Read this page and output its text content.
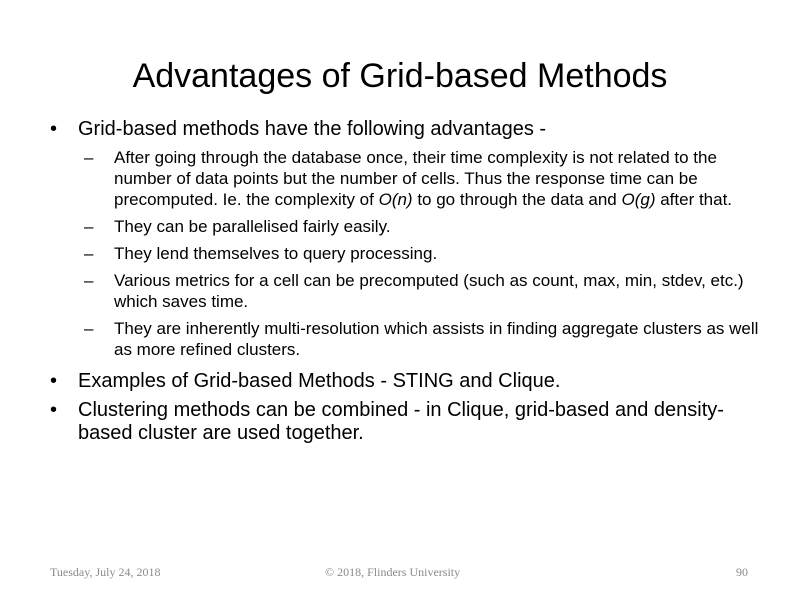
Advantages of Grid-based Methods
• Grid-based methods have the following advantages -
– After going through the database once, their time complexity is not related to the number of data points but the number of cells. Thus the response time can be precomputed. Ie. the complexity of O(n) to go through the data and O(g) after that.
– They can be parallelised fairly easily.
– They lend themselves to query processing.
– Various metrics for a cell can be precomputed (such as count, max, min, stdev, etc.) which saves time.
– They are inherently multi-resolution which assists in finding aggregate clusters as well as more refined clusters.
• Examples of Grid-based Methods - STING and Clique.
• Clustering methods can be combined - in Clique, grid-based and density-based cluster are used together.
Tuesday, July 24, 2018	© 2018, Flinders University	90
